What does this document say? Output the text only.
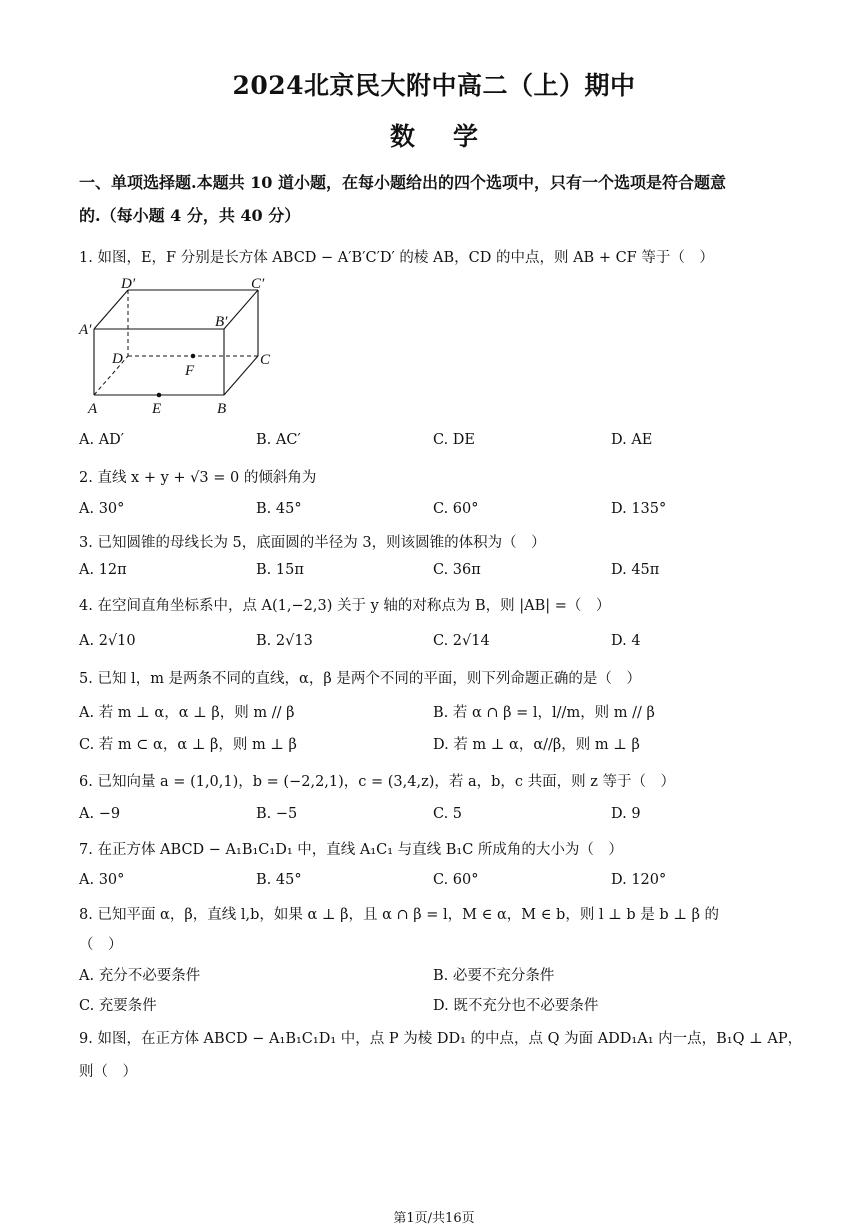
2024北京民大附中高二（上）期中
数学
一、单项选择题.本题共 10 道小题，在每小题给出的四个选项中，只有一个选项是符合题意
的.（每小题 4 分，共 40 分）
1. 如图，E，F 分别是长方体 ABCD − A′B′C′D′ 的棱 AB，CD 的中点，则 AB + CF 等于（　）
A	B
C
D
A′	B′
C′
D′
E
F
A. AD′	B. AC′	C. DE	D. AE
2. 直线 x + y + √3 = 0 的倾斜角为
A. 30°	B. 45°	C. 60°	D. 135°
3. 已知圆锥的母线长为 5，底面圆的半径为 3，则该圆锥的体积为（　）
A. 12π	B. 15π	C. 36π	D. 45π
4. 在空间直角坐标系中，点 A(1,−2,3) 关于 y 轴的对称点为 B，则 |AB| =（　）
A. 2√10	B. 2√13	C. 2√14	D. 4
5. 已知 l，m 是两条不同的直线，α，β 是两个不同的平面，则下列命题正确的是（　）
A. 若 m ⊥ α，α ⊥ β，则 m // β	B. 若 α ∩ β = l，l//m，则 m // β
C. 若 m ⊂ α，α ⊥ β，则 m ⊥ β	D. 若 m ⊥ α，α//β，则 m ⊥ β
6. 已知向量 a = (1,0,1)，b = (−2,2,1)，c = (3,4,z)，若 a，b，c 共面，则 z 等于（　）
A. −9	B. −5	C. 5	D. 9
7. 在正方体 ABCD − A₁B₁C₁D₁ 中，直线 A₁C₁ 与直线 B₁C 所成角的大小为（　）
A. 30°	B. 45°	C. 60°	D. 120°
8. 已知平面 α，β，直线 l,b，如果 α ⊥ β，且 α ∩ β = l，M ∈ α，M ∈ b，则 l ⊥ b 是 b ⊥ β 的
（　）
A. 充分不必要条件	B. 必要不充分条件
C. 充要条件	D. 既不充分也不必要条件
9. 如图，在正方体 ABCD − A₁B₁C₁D₁ 中，点 P 为棱 DD₁ 的中点，点 Q 为面 ADD₁A₁ 内一点，B₁Q ⊥ AP，
则（　）
第1页/共16页
